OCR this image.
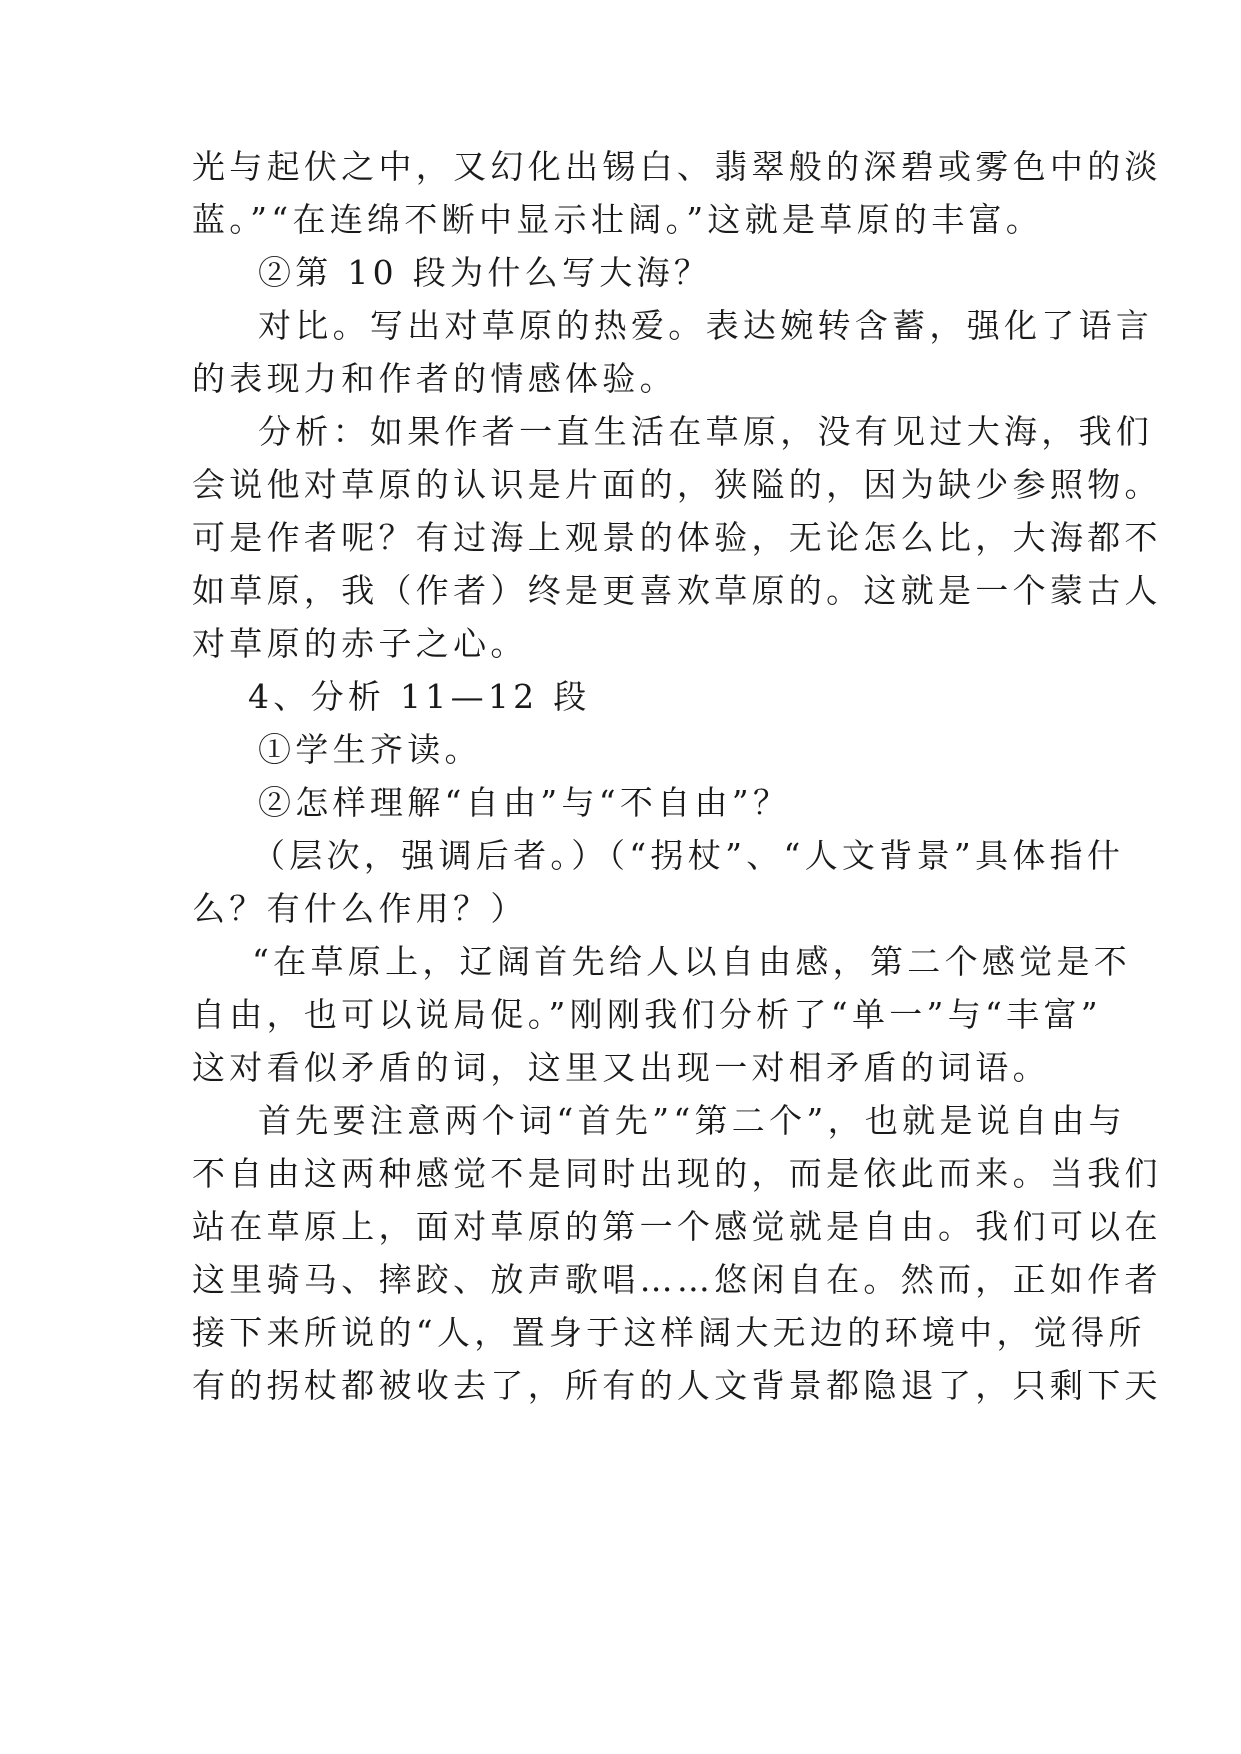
光与起伏之中，又幻化出锡白、翡翠般的深碧或雾色中的淡
蓝。”“在连绵不断中显示壮阔。”这就是草原的丰富。
②第 10 段为什么写大海？
对比。写出对草原的热爱。表达婉转含蓄，强化了语言
的表现力和作者的情感体验。
分析：如果作者一直生活在草原，没有见过大海，我们
会说他对草原的认识是片面的，狭隘的，因为缺少参照物。
可是作者呢？有过海上观景的体验，无论怎么比，大海都不
如草原，我（作者）终是更喜欢草原的。这就是一个蒙古人
对草原的赤子之心。
4、分析 11—12 段
①学生齐读。
②怎样理解“自由”与“不自由”？
（层次，强调后者。）（“拐杖”、“人文背景”具体指什
么？有什么作用？）
“在草原上，辽阔首先给人以自由感，第二个感觉是不
自由，也可以说局促。”刚刚我们分析了“单一”与“丰富”
这对看似矛盾的词，这里又出现一对相矛盾的词语。
首先要注意两个词“首先”“第二个”，也就是说自由与
不自由这两种感觉不是同时出现的，而是依此而来。当我们
站在草原上，面对草原的第一个感觉就是自由。我们可以在
这里骑马、摔跤、放声歌唱……悠闲自在。然而，正如作者
接下来所说的“人，置身于这样阔大无边的环境中，觉得所
有的拐杖都被收去了，所有的人文背景都隐退了，只剩下天
